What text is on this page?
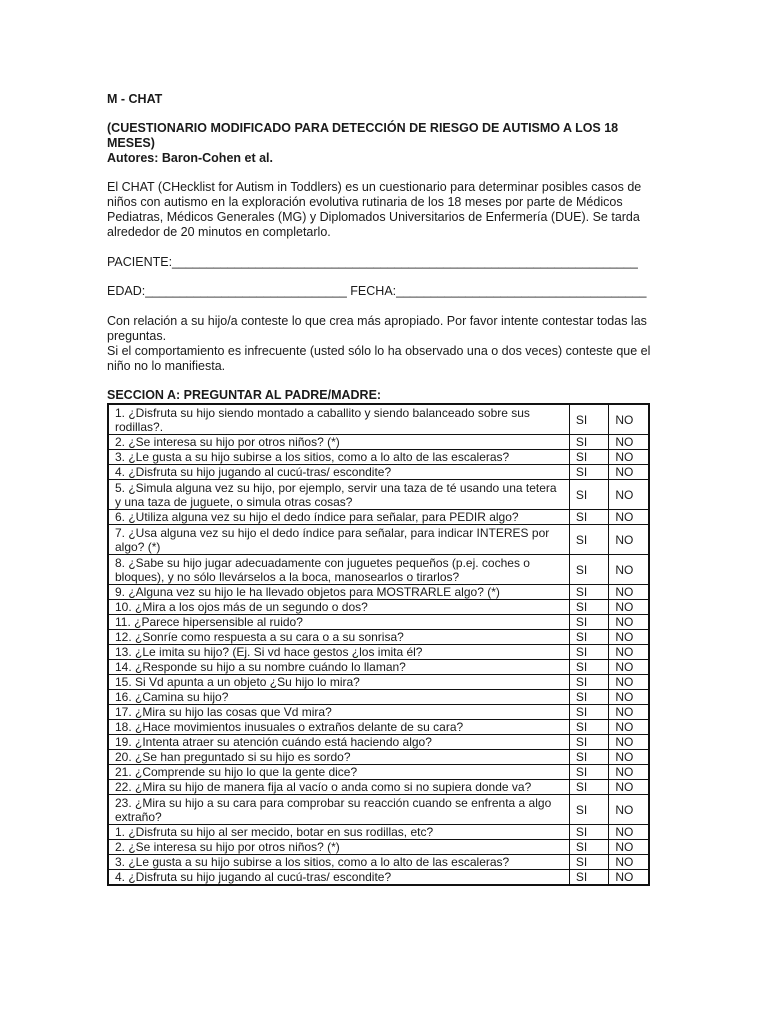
M - CHAT

(CUESTIONARIO MODIFICADO PARA DETECCIÓN DE RIESGO DE AUTISMO A LOS 18

MESES)

Autores: Baron-Cohen et al.

El CHAT (CHecklist for Autism in Toddlers) es un cuestionario para determinar posibles casos de

niños con autismo en la exploración evolutiva rutinaria de los 18 meses por parte de Médicos

Pediatras, Médicos Generales (MG) y Diplomados Universitarios de Enfermería (DUE). Se tarda

alrededor de 20 minutos en completarlo.

PACIENTE:___________________________________________________________________

EDAD:_____________________________ FECHA:____________________________________

Con relación a su hijo/a conteste lo que crea más apropiado. Por favor intente contestar todas las

preguntas.

Si el comportamiento es infrecuente (usted sólo lo ha observado una o dos veces) conteste que el

niño no lo manifiesta.

SECCION A: PREGUNTAR AL PADRE/MADRE:

1. ¿Disfruta su hijo siendo montado a caballito y siendo balanceado sobre sus rodillas?.	SI	NO
2. ¿Se interesa su hijo por otros niños? (*)	SI	NO
3. ¿Le gusta a su hijo subirse a los sitios, como a lo alto de las escaleras?	SI	NO
4. ¿Disfruta su hijo jugando al cucú-tras/ escondite?	SI	NO
5. ¿Simula alguna vez su hijo, por ejemplo, servir una taza de té usando una tetera y una taza de juguete, o simula otras cosas?	SI	NO
6. ¿Utiliza alguna vez su hijo el dedo índice para señalar, para PEDIR algo?	SI	NO
7. ¿Usa alguna vez su hijo el dedo índice para señalar, para indicar INTERES por algo? (*)	SI	NO
8. ¿Sabe su hijo jugar adecuadamente con juguetes pequeños (p.ej. coches o bloques), y no sólo llevárselos a la boca, manosearlos o tirarlos?	SI	NO
9. ¿Alguna vez su hijo le ha llevado objetos para MOSTRARLE algo? (*)	SI	NO
10. ¿Mira a los ojos más de un segundo o dos?	SI	NO
11. ¿Parece hipersensible al ruido?	SI	NO
12. ¿Sonríe como respuesta a su cara o a su sonrisa?	SI	NO
13. ¿Le imita su hijo? (Ej. Si vd hace gestos ¿los imita él?	SI	NO
14. ¿Responde su hijo a su nombre cuándo lo llaman?	SI	NO
15. Si Vd apunta a un objeto ¿Su hijo lo mira?	SI	NO
16. ¿Camina su hijo?	SI	NO
17. ¿Mira su hijo las cosas que Vd mira?	SI	NO
18. ¿Hace movimientos inusuales o extraños delante de su cara?	SI	NO
19. ¿Intenta atraer su atención cuándo está haciendo algo?	SI	NO
20. ¿Se han preguntado si su hijo es sordo?	SI	NO
21. ¿Comprende su hijo lo que la gente dice?	SI	NO
22. ¿Mira su hijo de manera fija al vacío o anda como si no supiera donde va?	SI	NO
23. ¿Mira su hijo a su cara para comprobar su reacción cuando se enfrenta a algo extraño?	SI	NO
1. ¿Disfruta su hijo al ser mecido, botar en sus rodillas, etc?	SI	NO
2. ¿Se interesa su hijo por otros niños? (*)	SI	NO
3. ¿Le gusta a su hijo subirse a los sitios, como a lo alto de las escaleras?	SI	NO
4. ¿Disfruta su hijo jugando al cucú-tras/ escondite?	SI	NO
